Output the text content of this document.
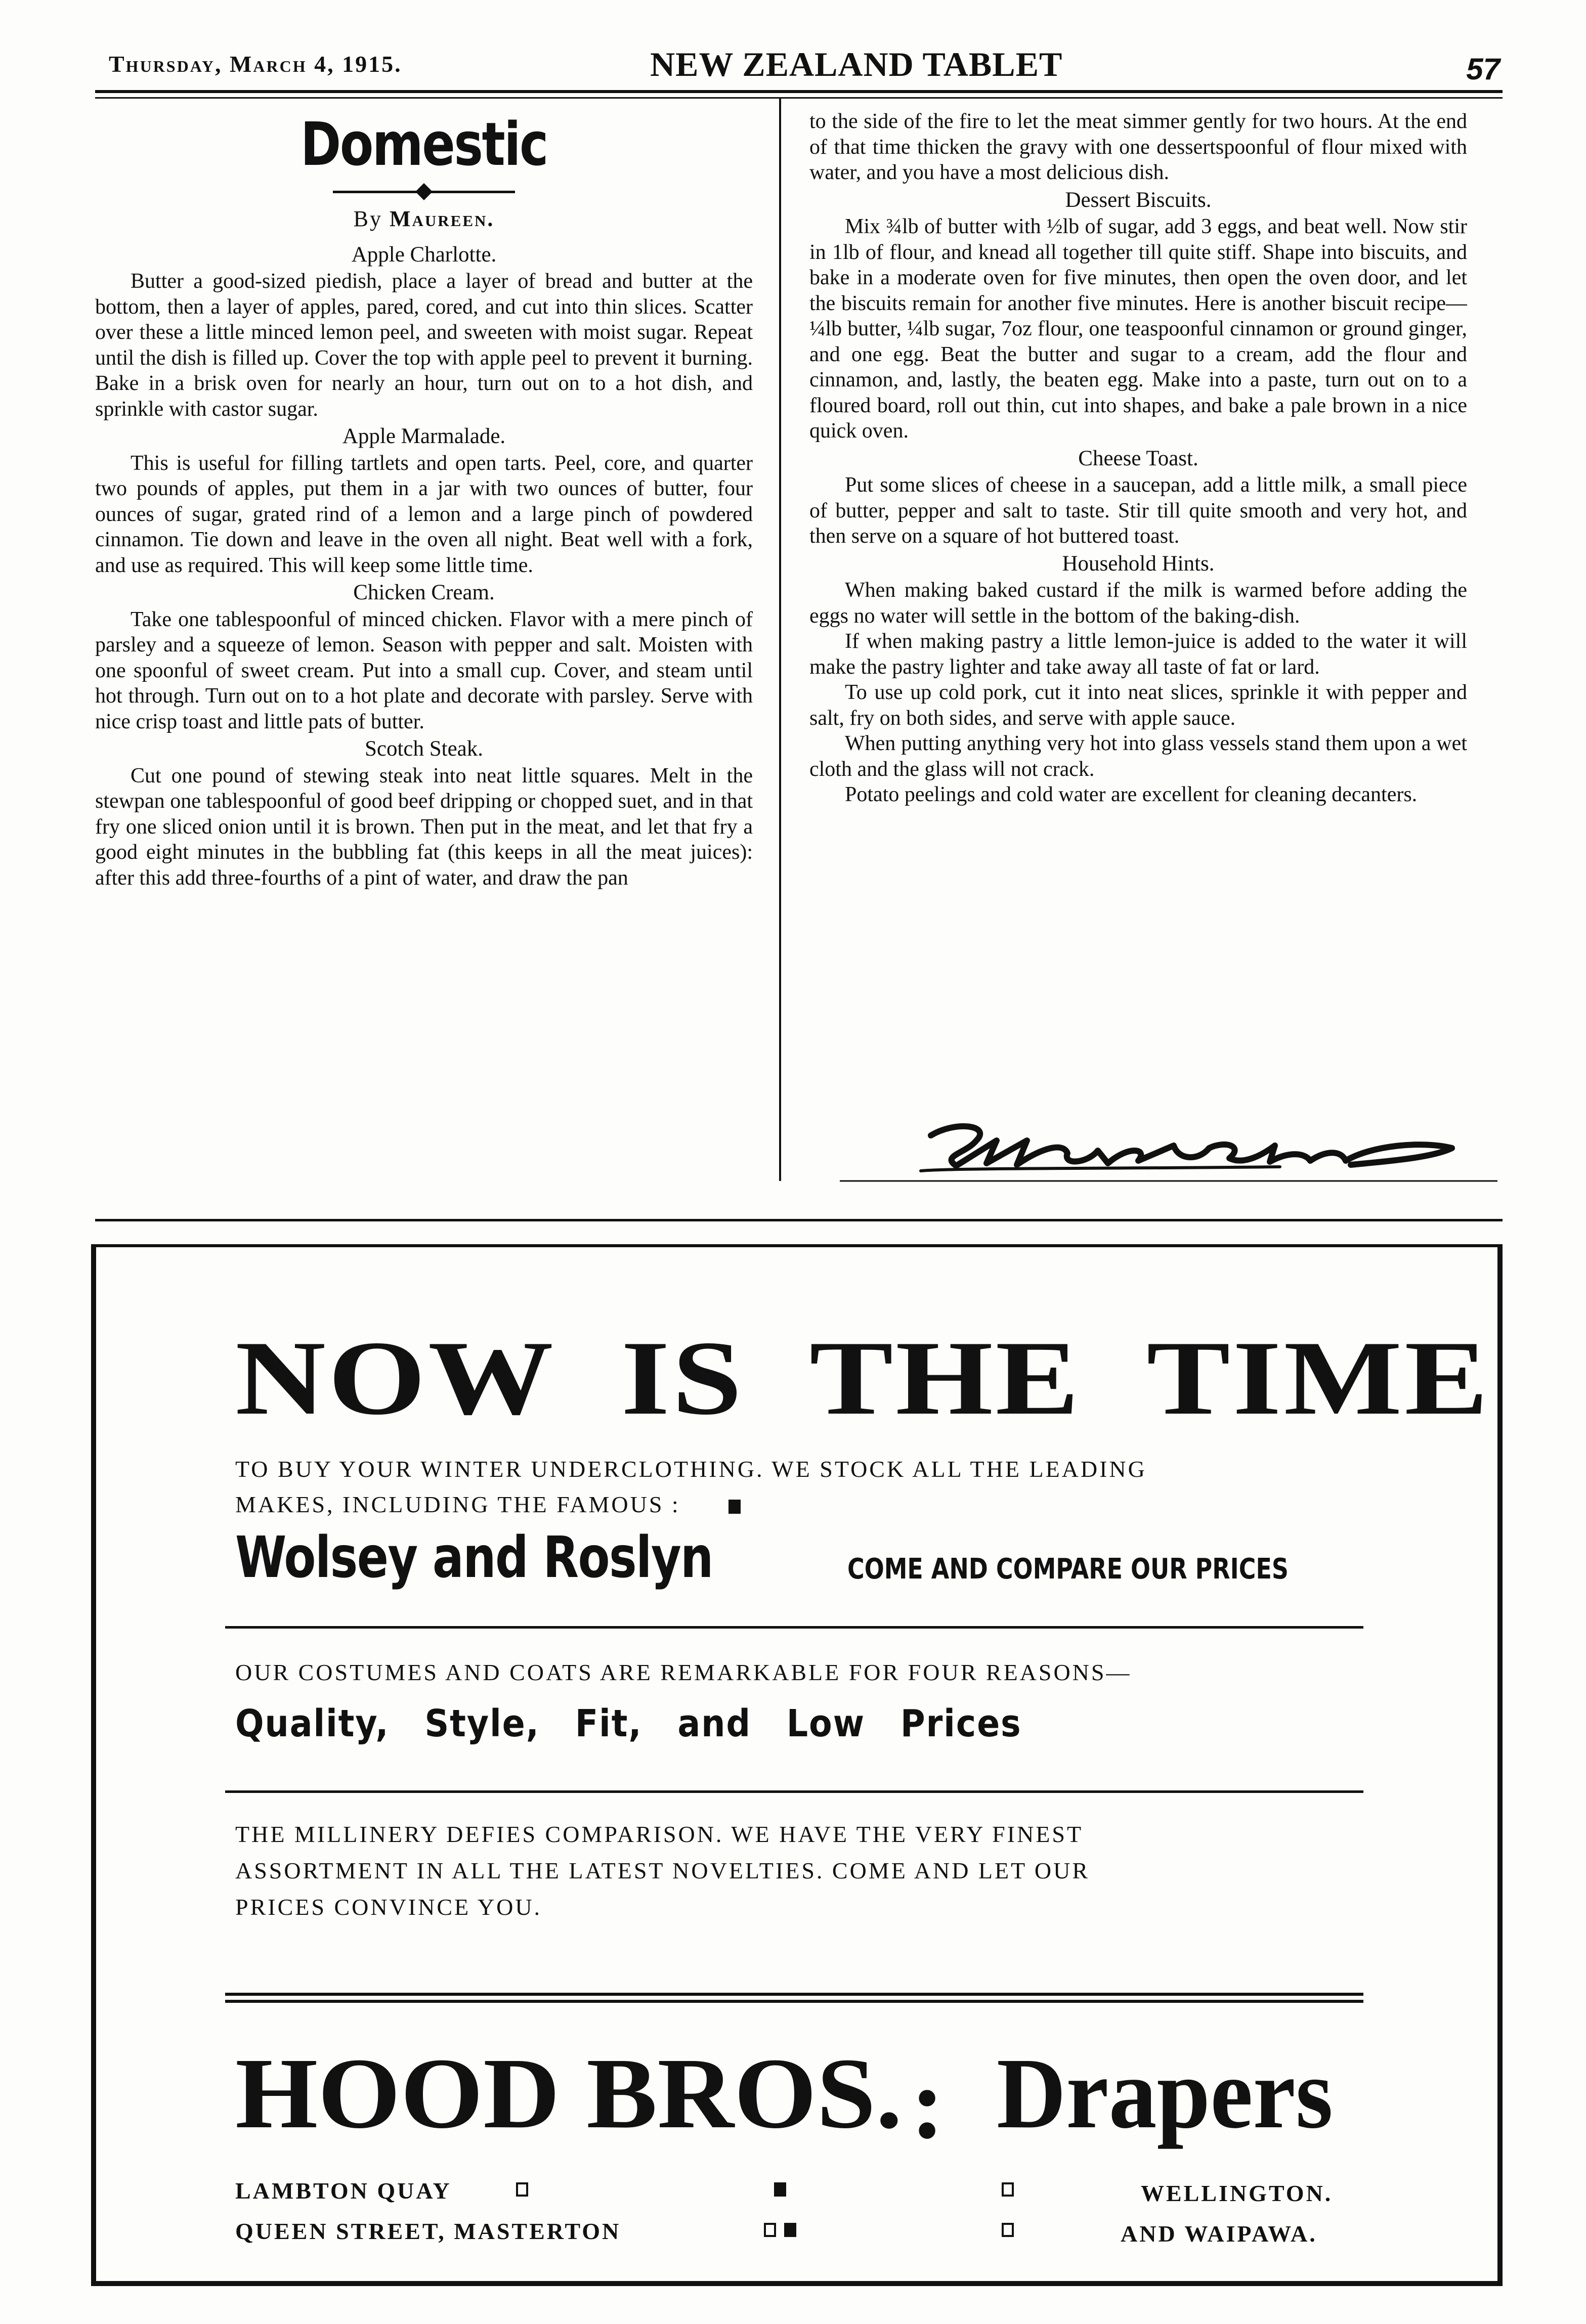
Thursday, March 4, 1915.	NEW ZEALAND TABLET	57
Domestic
By Maureen.
Apple Charlotte.

Butter a good-sized piedish, place a layer of bread and butter at the bottom, then a layer of apples, pared, cored, and cut into thin slices. Scatter over these a little minced lemon peel, and sweeten with moist sugar. Repeat until the dish is filled up. Cover the top with apple peel to prevent it burning. Bake in a brisk oven for nearly an hour, turn out on to a hot dish, and sprinkle with castor sugar.

Apple Marmalade.

This is useful for filling tartlets and open tarts. Peel, core, and quarter two pounds of apples, put them in a jar with two ounces of butter, four ounces of sugar, grated rind of a lemon and a large pinch of powdered cinnamon. Tie down and leave in the oven all night. Beat well with a fork, and use as required. This will keep some little time.

Chicken Cream.

Take one tablespoonful of minced chicken. Flavor with a mere pinch of parsley and a squeeze of lemon. Season with pepper and salt. Moisten with one spoonful of sweet cream. Put into a small cup. Cover, and steam until hot through. Turn out on to a hot plate and decorate with parsley. Serve with nice crisp toast and little pats of butter.

Scotch Steak.

Cut one pound of stewing steak into neat little squares. Melt in the stewpan one tablespoonful of good beef dripping or chopped suet, and in that fry one sliced onion until it is brown. Then put in the meat, and let that fry a good eight minutes in the bubbling fat (this keeps in all the meat juices): after this add three-fourths of a pint of water, and draw the pan

to the side of the fire to let the meat simmer gently for two hours. At the end of that time thicken the gravy with one dessertspoonful of flour mixed with water, and you have a most delicious dish.

Dessert Biscuits.

Mix ¾lb of butter with ½lb of sugar, add 3 eggs, and beat well. Now stir in 1lb of flour, and knead all together till quite stiff. Shape into biscuits, and bake in a moderate oven for five minutes, then open the oven door, and let the biscuits remain for another five minutes. Here is another biscuit recipe—¼lb butter, ¼lb sugar, 7oz flour, one teaspoonful cinnamon or ground ginger, and one egg. Beat the butter and sugar to a cream, add the flour and cinnamon, and, lastly, the beaten egg. Make into a paste, turn out on to a floured board, roll out thin, cut into shapes, and bake a pale brown in a nice quick oven.

Cheese Toast.

Put some slices of cheese in a saucepan, add a little milk, a small piece of butter, pepper and salt to taste. Stir till quite smooth and very hot, and then serve on a square of hot buttered toast.

Household Hints.

When making baked custard if the milk is warmed before adding the eggs no water will settle in the bottom of the baking-dish.

If when making pastry a little lemon-juice is added to the water it will make the pastry lighter and take away all taste of fat or lard.

To use up cold pork, cut it into neat slices, sprinkle it with pepper and salt, fry on both sides, and serve with apple sauce.

When putting anything very hot into glass vessels stand them upon a wet cloth and the glass will not crack.

Potato peelings and cold water are excellent for cleaning decanters.

NOW  IS  THE  TIME
TO BUY YOUR WINTER UNDERCLOTHING. WE STOCK ALL THE LEADING
MAKES, INCLUDING THE FAMOUS :
Wolsey and Roslyn	COME AND COMPARE OUR PRICES
OUR COSTUMES AND COATS ARE REMARKABLE FOR FOUR REASONS—
Quality, Style, Fit, and Low Prices
THE MILLINERY DEFIES COMPARISON. WE HAVE THE VERY FINEST
ASSORTMENT IN ALL THE LATEST NOVELTIES. COME AND LET OUR
PRICES CONVINCE YOU.
HOOD BROS. : Drapers
LAMBTON QUAY	WELLINGTON.
QUEEN STREET, MASTERTON	AND WAIPAWA.
